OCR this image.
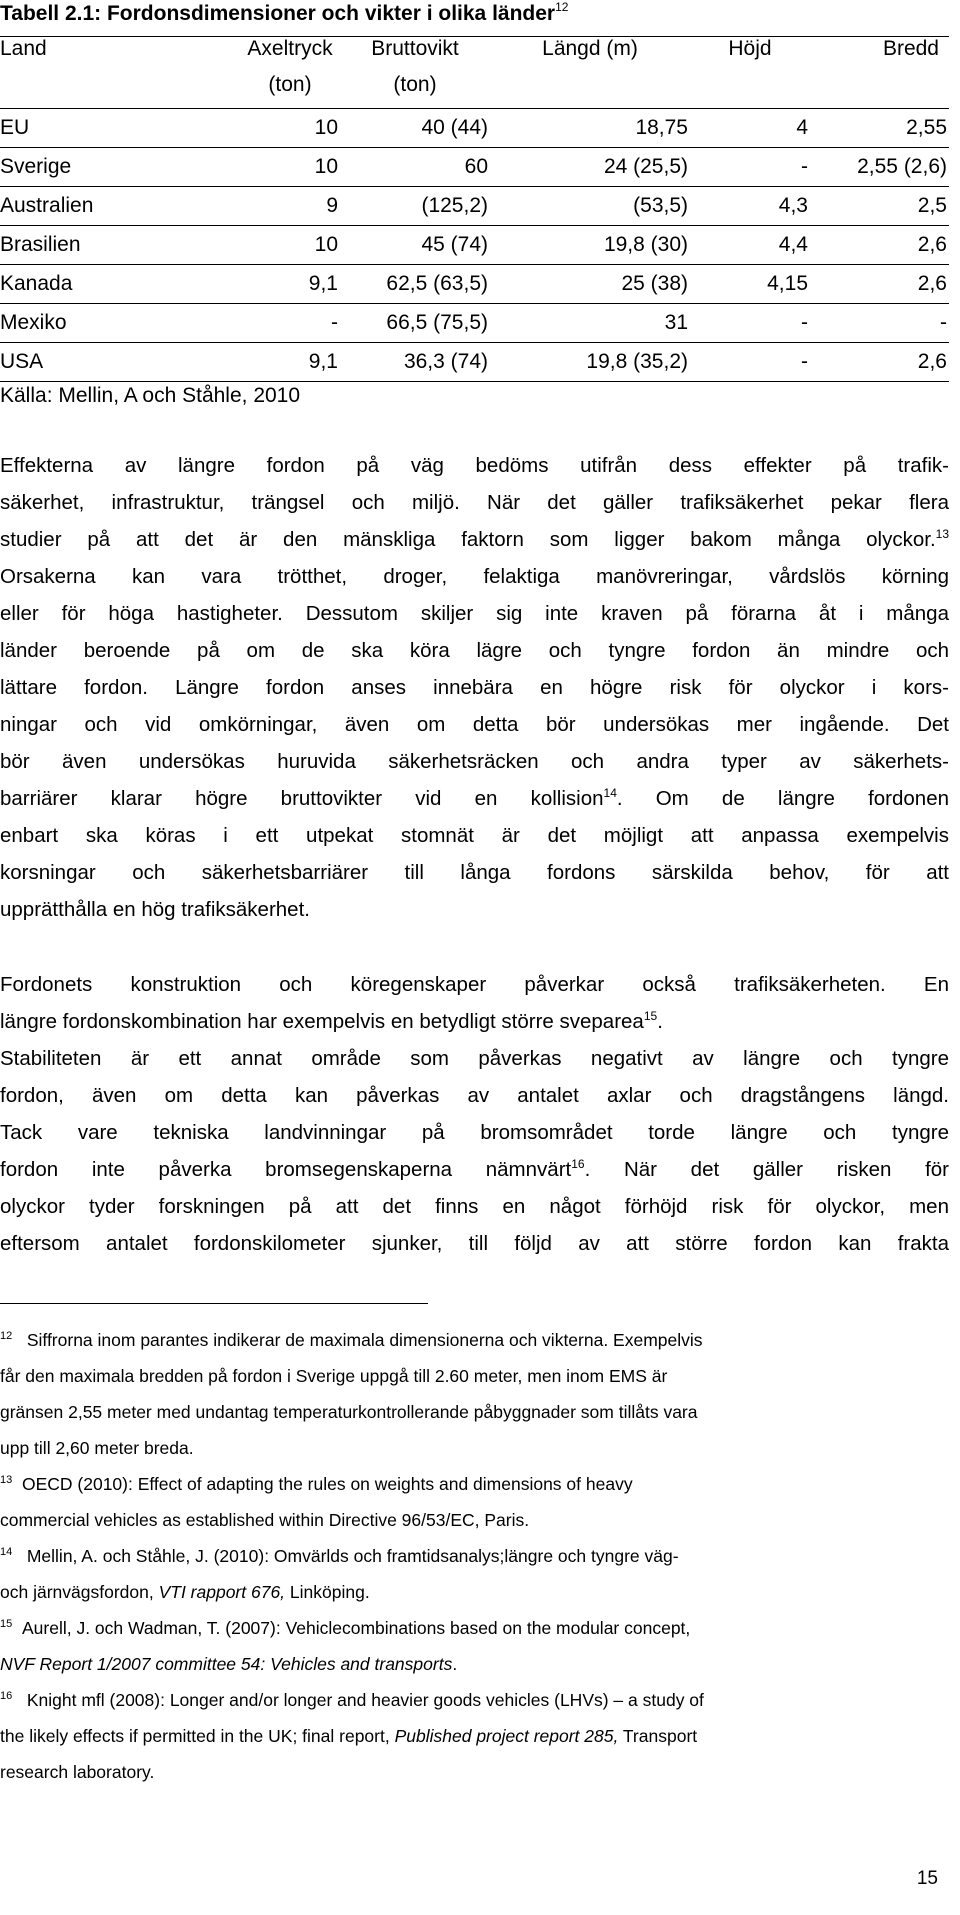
Tabell 2.1: Fordonsdimensioner och vikter i olika länder$^{12}$
Land	Axeltryck	Bruttovikt	Längd (m)	Höjd	Bredd
	(ton)	(ton)			
EU	10	40 (44)	18,75	4	2,55
Sverige	10	60	24 (25,5)	-	2,55 (2,6)
Australien	9	(125,2)	(53,5)	4,3	2,5
Brasilien	10	45 (74)	19,8 (30)	4,4	2,6
Kanada	9,1	62,5 (63,5)	25 (38)	4,15	2,6
Mexiko	-	66,5 (75,5)	31	-	-
USA	9,1	36,3 (74)	19,8 (35,2)	-	2,6
Källa: Mellin, A och Ståhle, 2010
Effekterna av längre fordon på väg bedöms utifrån dess effekter på trafik-
säkerhet, infrastruktur, trängsel och miljö. När det gäller trafiksäkerhet pekar flera
studier på att det är den mänskliga faktorn som ligger bakom många olyckor.$^{13}$
Orsakerna kan vara trötthet, droger, felaktiga manövreringar, vårdslös körning
eller för höga hastigheter. Dessutom skiljer sig inte kraven på förarna åt i många
länder beroende på om de ska köra lägre och tyngre fordon än mindre och
lättare fordon. Längre fordon anses innebära en högre risk för olyckor i kors-
ningar och vid omkörningar, även om detta bör undersökas mer ingående. Det
bör även undersökas huruvida säkerhetsräcken och andra typer av säkerhets-
barriärer klarar högre bruttovikter vid en kollision$^{14}$. Om de längre fordonen
enbart ska köras i ett utpekat stomnät är det möjligt att anpassa exempelvis
korsningar och säkerhetsbarriärer till långa fordons särskilda behov, för att
upprätthålla en hög trafiksäkerhet.
Fordonets konstruktion och köregenskaper påverkar också trafiksäkerheten. En
längre fordonskombination har exempelvis en betydligt större svepareа$^{15}$.
Stabiliteten är ett annat område som påverkas negativt av längre och tyngre
fordon, även om detta kan påverkas av antalet axlar och dragstångens längd.
Tack vare tekniska landvinningar på bromsområdet torde längre och tyngre
fordon inte påverka bromsegenskaperna nämnvärt$^{16}$. När det gäller risken för
olyckor tyder forskningen på att det finns en något förhöjd risk för olyckor, men
eftersom antalet fordonskilometer sjunker, till följd av att större fordon kan frakta
$^{12}$ Siffrorna inom parantes indikerar de maximala dimensionerna och vikterna. Exempelvis
får den maximala bredden på fordon i Sverige uppgå till 2.60 meter, men inom EMS är
gränsen 2,55 meter med undantag temperaturkontrollerande påbyggnader som tillåts vara
upp till 2,60 meter breda.
$^{13}$ OECD (2010): Effect of adapting the rules on weights and dimensions of heavy
commercial vehicles as established within Directive 96/53/EC, Paris.
$^{14}$ Mellin, A. och Ståhle, J. (2010): Omvärlds och framtidsanalys;längre och tyngre väg-
och järnvägsfordon, VTI rapport 676, Linköping.
$^{15}$ Aurell, J. och Wadman, T. (2007): Vehiclecombinations based on the modular concept,
NVF Report 1/2007 committee 54: Vehicles and transports.
$^{16}$ Knight mfl (2008): Longer and/or longer and heavier goods vehicles (LHVs) – a study of
the likely effects if permitted in the UK; final report, Published project report 285, Transport
research laboratory.
15
